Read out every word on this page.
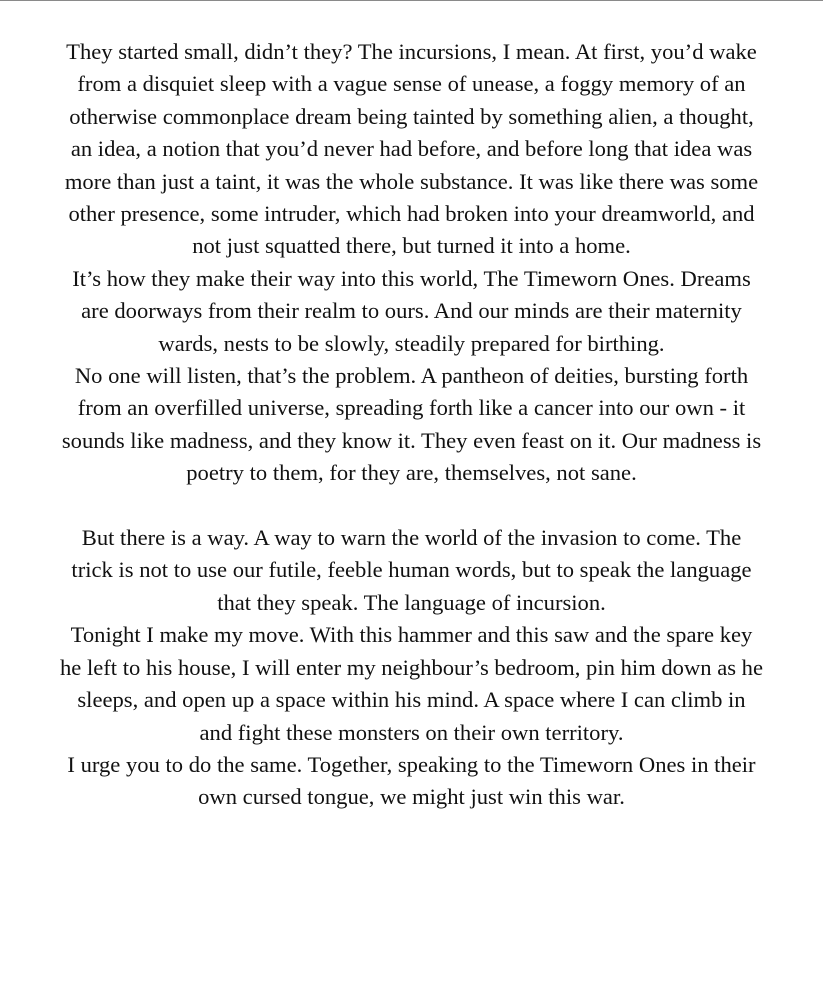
They started small, didn’t they? The incursions, I mean. At first, you’d wake from a disquiet sleep with a vague sense of unease, a foggy memory of an otherwise commonplace dream being tainted by something alien, a thought, an idea, a notion that you’d never had before, and before long that idea was more than just a taint, it was the whole substance. It was like there was some other presence, some intruder, which had broken into your dreamworld, and not just squatted there, but turned it into a home.

It’s how they make their way into this world, The Timeworn Ones. Dreams are doorways from their realm to ours. And our minds are their maternity wards, nests to be slowly, steadily prepared for birthing.

No one will listen, that’s the problem. A pantheon of deities, bursting forth from an overfilled universe, spreading forth like a cancer into our own - it sounds like madness, and they know it. They even feast on it. Our madness is poetry to them, for they are, themselves, not sane.

But there is a way. A way to warn the world of the invasion to come. The trick is not to use our futile, feeble human words, but to speak the language that they speak. The language of incursion.

Tonight I make my move. With this hammer and this saw and the spare key he left to his house, I will enter my neighbour’s bedroom, pin him down as he sleeps, and open up a space within his mind. A space where I can climb in and fight these monsters on their own territory.

I urge you to do the same. Together, speaking to the Timeworn Ones in their own cursed tongue, we might just win this war.
